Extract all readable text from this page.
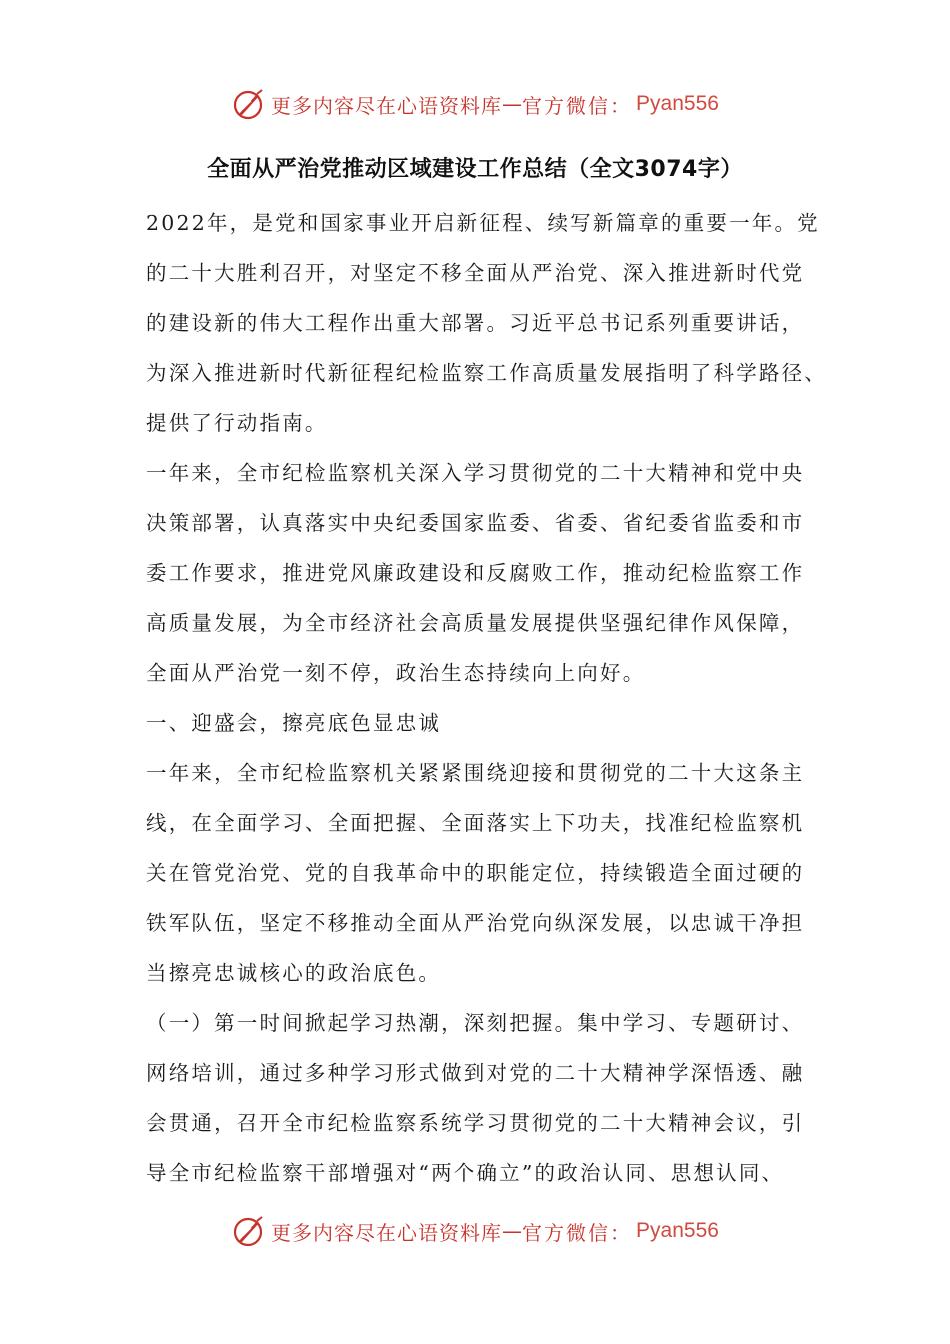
更多内容尽在心语资料库 — 官方微信： Pyan556
全面从严治党推动区域建设工作总结（全文3074字）
2022年，是党和国家事业开启新征程、续写新篇章的重要一年。党
的二十大胜利召开，对坚定不移全面从严治党、深入推进新时代党
的建设新的伟大工程作出重大部署。习近平总书记系列重要讲话，
为深入推进新时代新征程纪检监察工作高质量发展指明了科学路径、
提供了行动指南。
一年来，全市纪检监察机关深入学习贯彻党的二十大精神和党中央
决策部署，认真落实中央纪委国家监委、省委、省纪委省监委和市
委工作要求，推进党风廉政建设和反腐败工作，推动纪检监察工作
高质量发展，为全市经济社会高质量发展提供坚强纪律作风保障，
全面从严治党一刻不停，政治生态持续向上向好。
一、迎盛会，擦亮底色显忠诚
一年来，全市纪检监察机关紧紧围绕迎接和贯彻党的二十大这条主
线，在全面学习、全面把握、全面落实上下功夫，找准纪检监察机
关在管党治党、党的自我革命中的职能定位，持续锻造全面过硬的
铁军队伍，坚定不移推动全面从严治党向纵深发展，以忠诚干净担
当擦亮忠诚核心的政治底色。
（一）第一时间掀起学习热潮，深刻把握。集中学习、专题研讨、
网络培训，通过多种学习形式做到对党的二十大精神学深悟透、融
会贯通，召开全市纪检监察系统学习贯彻党的二十大精神会议，引
导全市纪检监察干部增强对“两个确立”的政治认同、思想认同、
更多内容尽在心语资料库 — 官方微信： Pyan556
